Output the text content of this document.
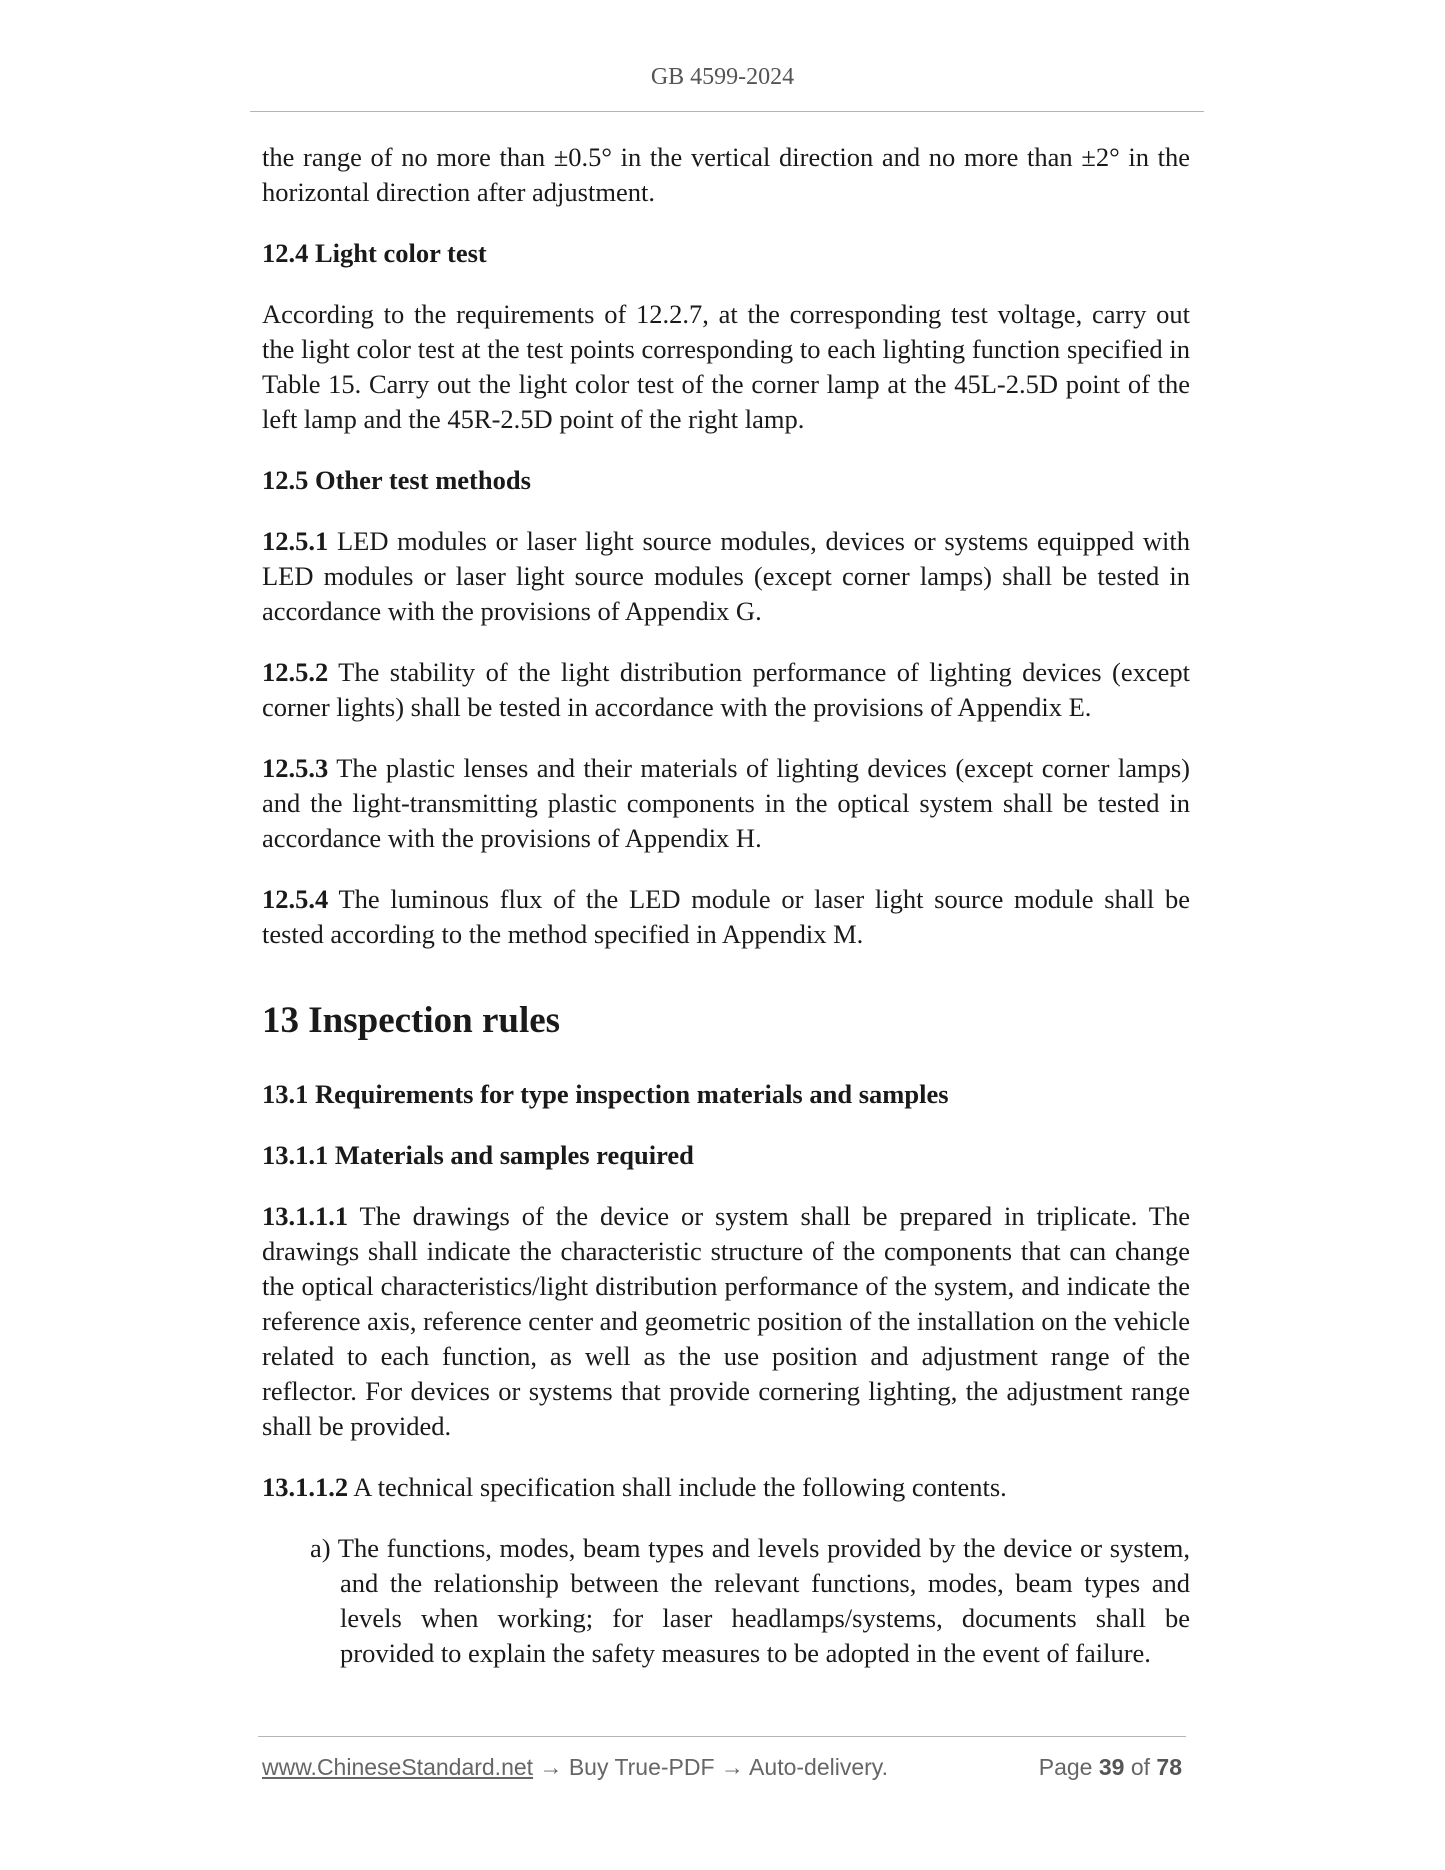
GB 4599-2024

the range of no more than ±0.5° in the vertical direction and no more than ±2° in the horizontal direction after adjustment.

12.4 Light color test

According to the requirements of 12.2.7, at the corresponding test voltage, carry out the light color test at the test points corresponding to each lighting function specified in Table 15. Carry out the light color test of the corner lamp at the 45L-2.5D point of the left lamp and the 45R-2.5D point of the right lamp.

12.5 Other test methods

12.5.1 LED modules or laser light source modules, devices or systems equipped with LED modules or laser light source modules (except corner lamps) shall be tested in accordance with the provisions of Appendix G.

12.5.2 The stability of the light distribution performance of lighting devices (except corner lights) shall be tested in accordance with the provisions of Appendix E.

12.5.3 The plastic lenses and their materials of lighting devices (except corner lamps) and the light-transmitting plastic components in the optical system shall be tested in accordance with the provisions of Appendix H.

12.5.4 The luminous flux of the LED module or laser light source module shall be tested according to the method specified in Appendix M.

13 Inspection rules

13.1 Requirements for type inspection materials and samples

13.1.1 Materials and samples required

13.1.1.1 The drawings of the device or system shall be prepared in triplicate. The drawings shall indicate the characteristic structure of the components that can change the optical characteristics/light distribution performance of the system, and indicate the reference axis, reference center and geometric position of the installation on the vehicle related to each function, as well as the use position and adjustment range of the reflector. For devices or systems that provide cornering lighting, the adjustment range shall be provided.

13.1.1.2 A technical specification shall include the following contents.

a) The functions, modes, beam types and levels provided by the device or system, and the relationship between the relevant functions, modes, beam types and levels when working; for laser headlamps/systems, documents shall be provided to explain the safety measures to be adopted in the event of failure.

www.ChineseStandard.net → Buy True-PDF → Auto-delivery.	Page 39 of 78
